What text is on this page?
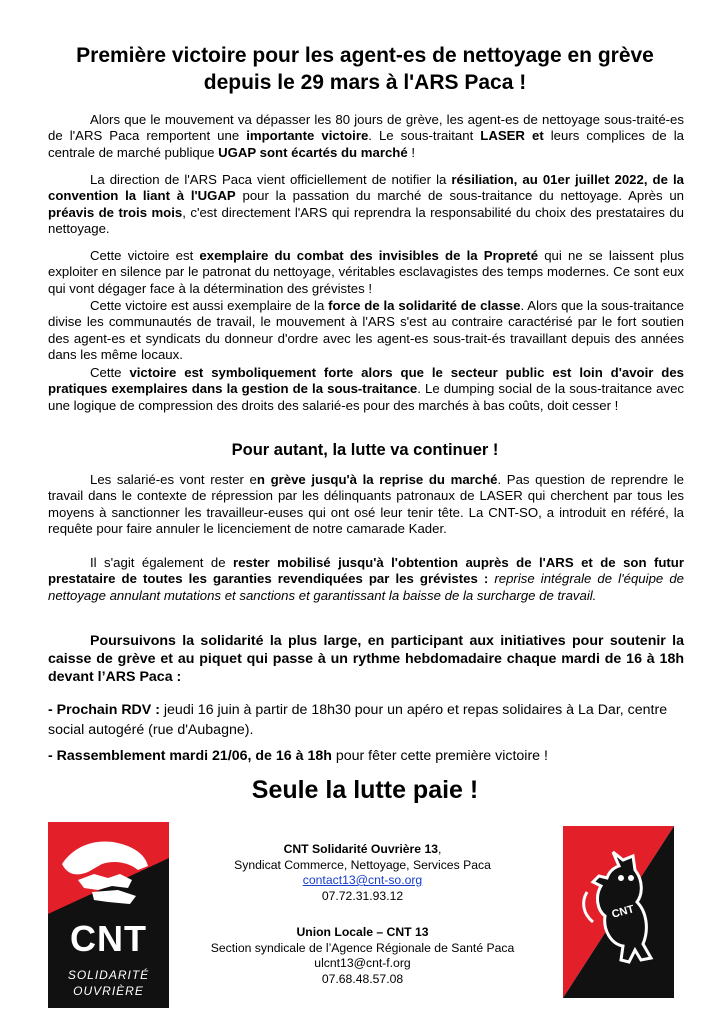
Première victoire pour les agent-es de nettoyage en grève depuis le 29 mars à l'ARS Paca !
Alors que le mouvement va dépasser les 80 jours de grève, les agent-es de nettoyage sous-traité-es de l'ARS Paca remportent une importante victoire. Le sous-traitant LASER et leurs complices de la centrale de marché publique UGAP sont écartés du marché !
La direction de l'ARS Paca vient officiellement de notifier la résiliation, au 01er juillet 2022, de la convention la liant à l'UGAP pour la passation du marché de sous-traitance du nettoyage. Après un préavis de trois mois, c'est directement l'ARS qui reprendra la responsabilité du choix des prestataires du nettoyage.
Cette victoire est exemplaire du combat des invisibles de la Propreté qui ne se laissent plus exploiter en silence par le patronat du nettoyage, véritables esclavagistes des temps modernes. Ce sont eux qui vont dégager face à la détermination des grévistes !
Cette victoire est aussi exemplaire de la force de la solidarité de classe. Alors que la sous-traitance divise les communautés de travail, le mouvement à l'ARS s'est au contraire caractérisé par le fort soutien des agent-es et syndicats du donneur d'ordre avec les agent-es sous-trait-és travaillant depuis des années dans les même locaux.
Cette victoire est symboliquement forte alors que le secteur public est loin d'avoir des pratiques exemplaires dans la gestion de la sous-traitance. Le dumping social de la sous-traitance avec une logique de compression des droits des salarié-es pour des marchés à bas coûts, doit cesser !
Pour autant, la lutte va continuer !
Les salarié-es vont rester en grève jusqu'à la reprise du marché. Pas question de reprendre le travail dans le contexte de répression par les délinquants patronaux de LASER qui cherchent par tous les moyens à sanctionner les travailleur-euses qui ont osé leur tenir tête. La CNT-SO, a introduit en référé, la requête pour faire annuler le licenciement de notre camarade Kader.
Il s'agit également de rester mobilisé jusqu'à l'obtention auprès de l'ARS et de son futur prestataire de toutes les garanties revendiquées par les grévistes : reprise intégrale de l'équipe de nettoyage annulant mutations et sanctions et garantissant la baisse de la surcharge de travail.
Poursuivons la solidarité la plus large, en participant aux initiatives pour soutenir la caisse de grève et au piquet qui passe à un rythme hebdomadaire chaque mardi de 16 à 18h devant l’ARS Paca :
- Prochain RDV : jeudi 16 juin à partir de 18h30 pour un apéro et repas solidaires à La Dar, centre social autogéré (rue d'Aubagne).
- Rassemblement mardi 21/06, de 16 à 18h pour fêter cette première victoire !
Seule la lutte paie !
CNT
SOLIDARITÉ
OUVRIÈRE
CNT Solidarité Ouvrière 13,
Syndicat Commerce, Nettoyage, Services Paca
contact13@cnt-so.org
07.72.31.93.12
Union Locale – CNT 13
Section syndicale de l’Agence Régionale de Santé Paca
ulcnt13@cnt-f.org
07.68.48.57.08
CNT
